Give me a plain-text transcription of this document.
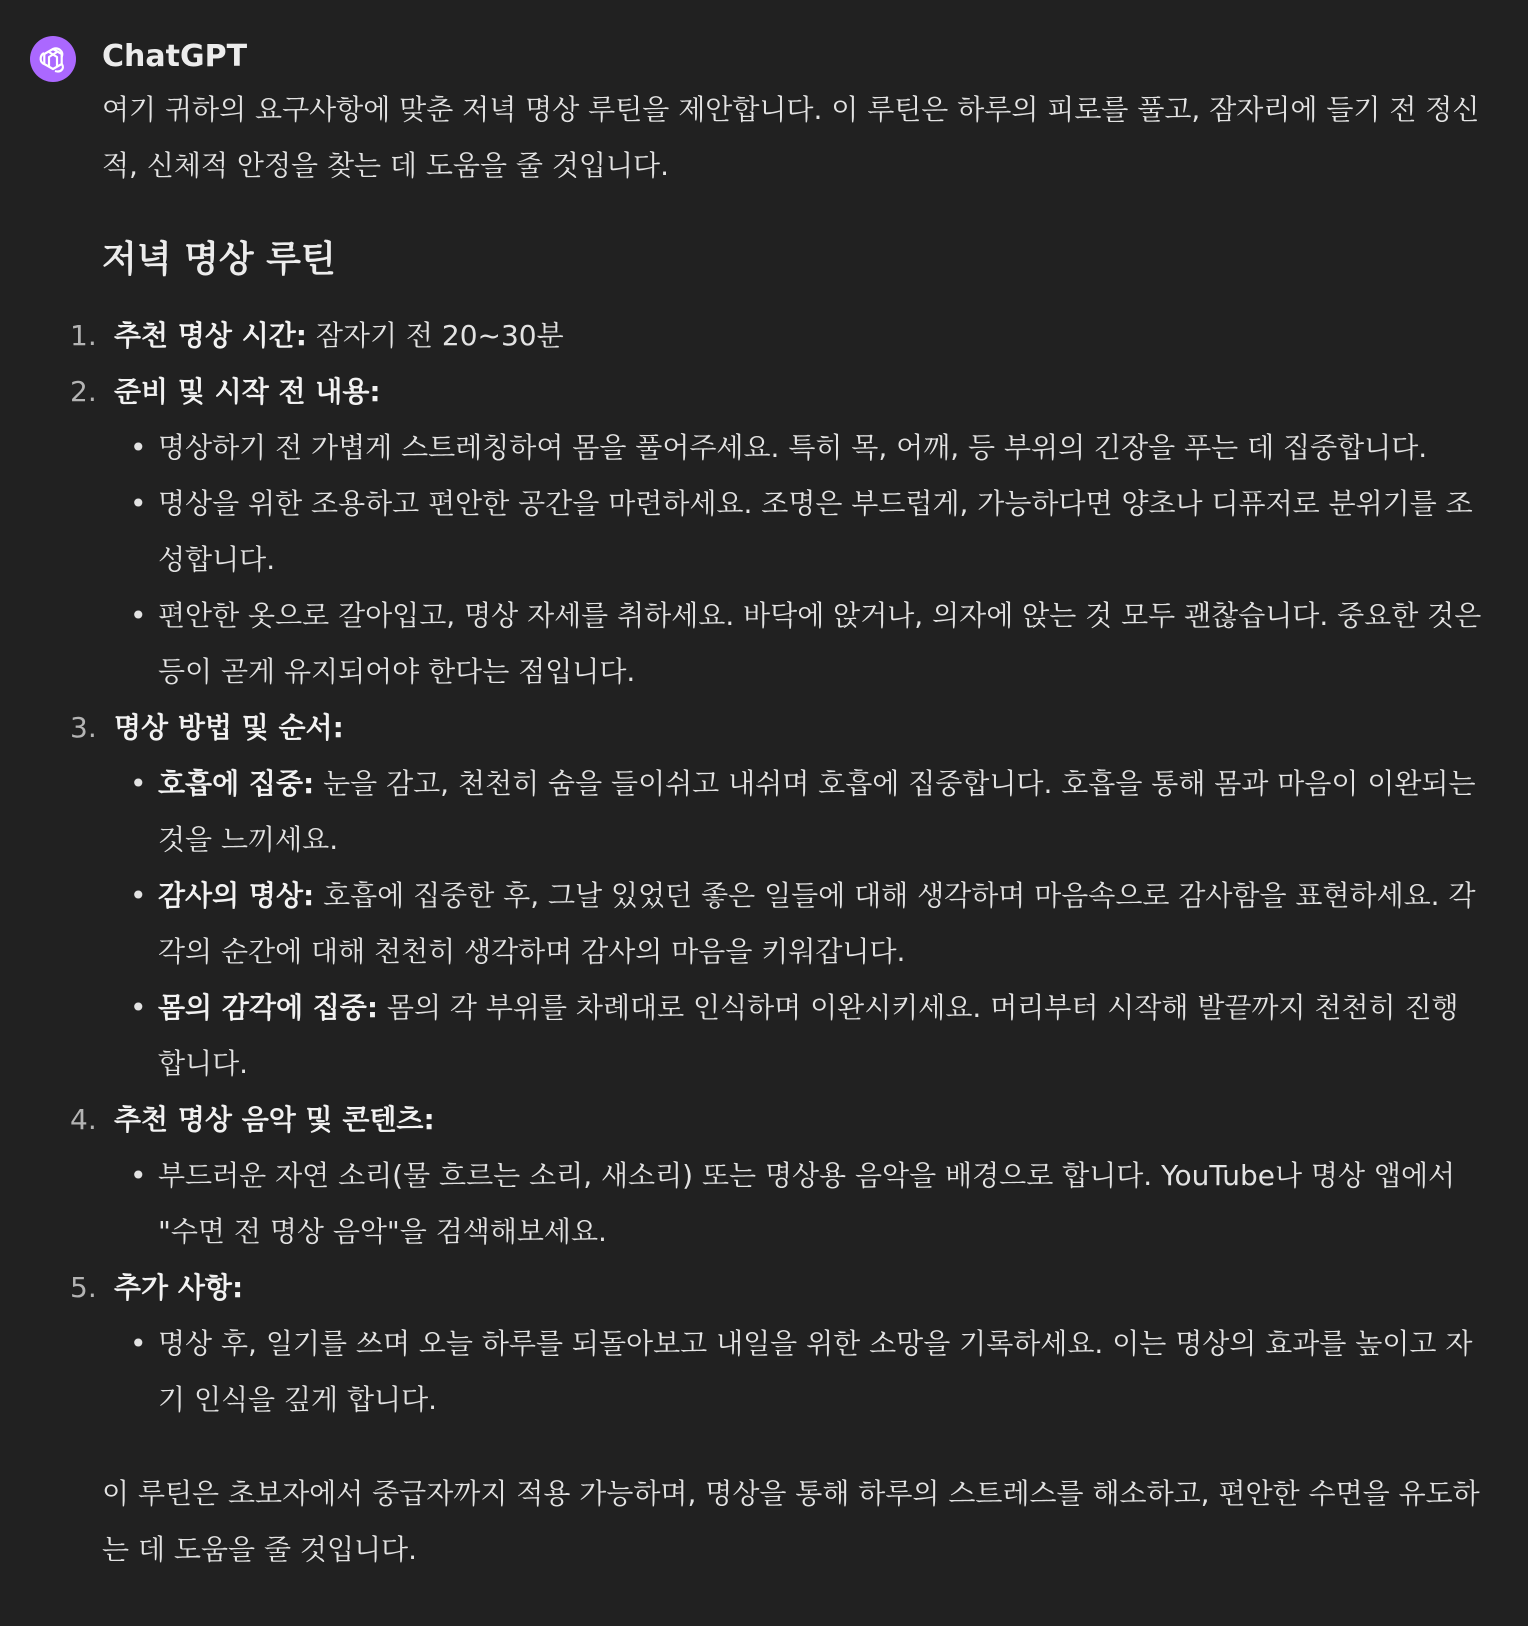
ChatGPT

여기 귀하의 요구사항에 맞춘 저녁 명상 루틴을 제안합니다. 이 루틴은 하루의 피로를 풀고, 잠자리에 들기 전 정신적, 신체적 안정을 찾는 데 도움을 줄 것입니다.

저녁 명상 루틴
1. 추천 명상 시간: 잠자기 전 20~30분
2. 준비 및 시작 전 내용:
• 명상하기 전 가볍게 스트레칭하여 몸을 풀어주세요. 특히 목, 어깨, 등 부위의 긴장을 푸는 데 집중합니다.
• 명상을 위한 조용하고 편안한 공간을 마련하세요. 조명은 부드럽게, 가능하다면 양초나 디퓨저로 분위기를 조성합니다.
• 편안한 옷으로 갈아입고, 명상 자세를 취하세요. 바닥에 앉거나, 의자에 앉는 것 모두 괜찮습니다. 중요한 것은 등이 곧게 유지되어야 한다는 점입니다.
3. 명상 방법 및 순서:
• 호흡에 집중: 눈을 감고, 천천히 숨을 들이쉬고 내쉬며 호흡에 집중합니다. 호흡을 통해 몸과 마음이 이완되는 것을 느끼세요.
• 감사의 명상: 호흡에 집중한 후, 그날 있었던 좋은 일들에 대해 생각하며 마음속으로 감사함을 표현하세요. 각각의 순간에 대해 천천히 생각하며 감사의 마음을 키워갑니다.
• 몸의 감각에 집중: 몸의 각 부위를 차례대로 인식하며 이완시키세요. 머리부터 시작해 발끝까지 천천히 진행합니다.
4. 추천 명상 음악 및 콘텐츠:
• 부드러운 자연 소리(물 흐르는 소리, 새소리) 또는 명상용 음악을 배경으로 합니다. YouTube나 명상 앱에서 "수면 전 명상 음악"을 검색해보세요.
5. 추가 사항:
• 명상 후, 일기를 쓰며 오늘 하루를 되돌아보고 내일을 위한 소망을 기록하세요. 이는 명상의 효과를 높이고 자기 인식을 깊게 합니다.

이 루틴은 초보자에서 중급자까지 적용 가능하며, 명상을 통해 하루의 스트레스를 해소하고, 편안한 수면을 유도하는 데 도움을 줄 것입니다.
